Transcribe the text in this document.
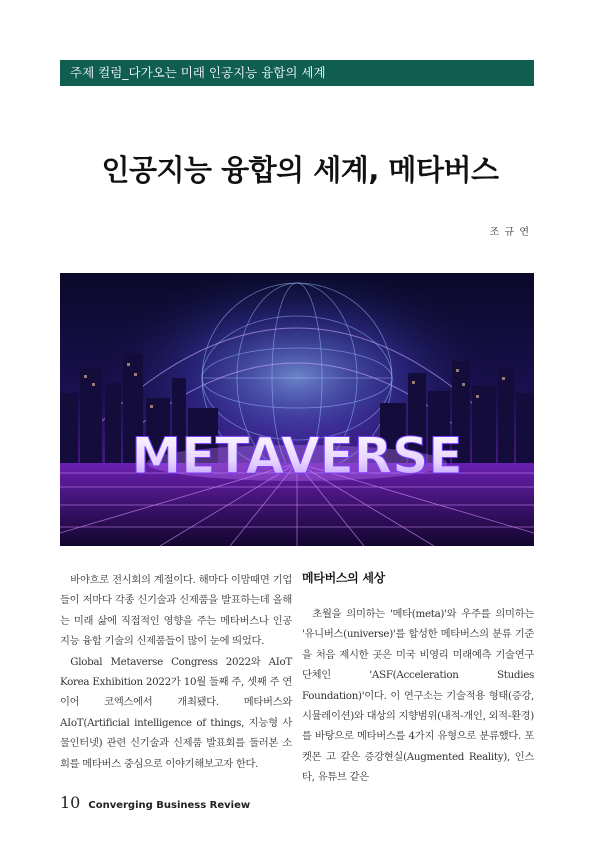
주제 컬럼_다가오는 미래 인공지능 융합의 세계
인공지능 융합의 세계, 메타버스
조 규 연
METAVERSE

바야흐로 전시회의 계절이다. 해마다 이맘때면 기업들이 저마다 각종 신기술과 신제품을 발표하는데 올해는 미래 삶에 직접적인 영향을 주는 메타버스나 인공지능 융합 기술의 신제품들이 많이 눈에 띄었다.

Global Metaverse Congress 2022와 AIoT Korea Exhibition 2022가 10월 둘째 주, 셋째 주 연이어 코엑스에서 개최됐다. 메타버스와 AIoT(Artificial intelligence of things, 지능형 사물인터넷) 관련 신기술과 신제품 발표회를 둘러본 소회를 메타버스 중심으로 이야기해보고자 한다.

메타버스의 세상

초월을 의미하는 '메타(meta)'와 우주를 의미하는 '유니버스(universe)'를 합성한 메타버스의 분류 기준을 처음 제시한 곳은 미국 비영리 미래예측 기술연구단체인 'ASF(Acceleration Studies Foundation)'이다. 이 연구소는 기술적용 형태(증강, 시뮬레이션)와 대상의 지향범위(내적-개인, 외적-환경)를 바탕으로 메타버스를 4가지 유형으로 분류했다. 포켓몬 고 같은 증강현실(Augmented Reality), 인스타, 유튜브 같은

10 Converging Business Review
